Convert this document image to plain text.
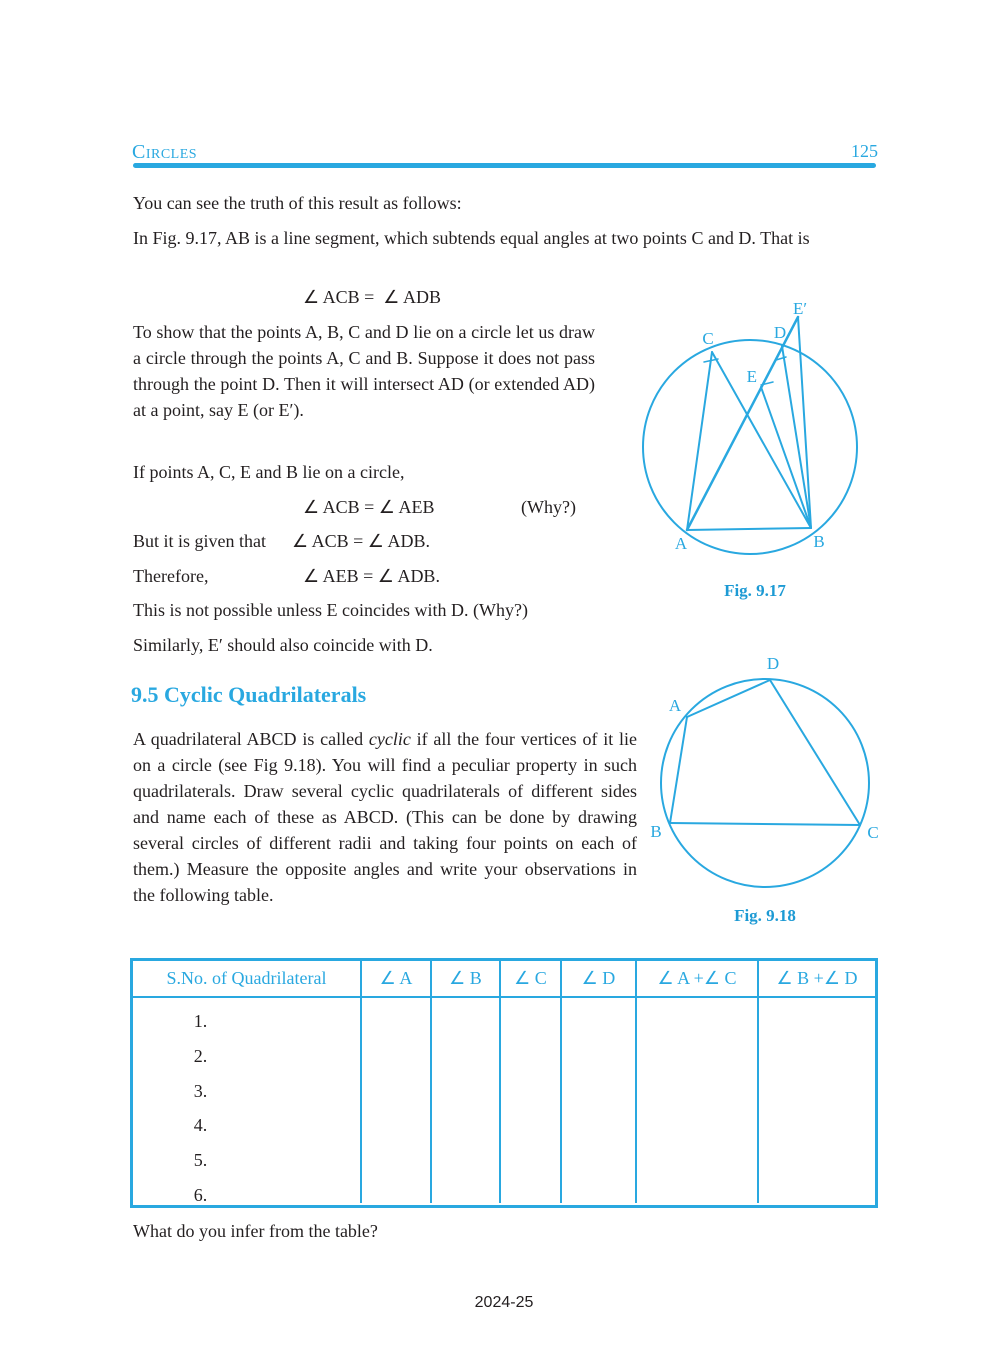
Circles	125
You can see the truth of this result as follows:
In Fig. 9.17, AB is a line segment, which subtends equal angles at two points C and D. That is
∠ ACB =  ∠ ADB
To show that the points A, B, C and D lie on a circle let us draw a circle through the points A, C and B. Suppose it does not pass through the point D. Then it will intersect AD (or extended AD) at a point, say E (or E′).
If points A, C, E and B lie on a circle,
∠ ACB = ∠ AEB	(Why?)
But it is given that ∠ ACB = ∠ ADB.
Therefore,	∠ AEB = ∠ ADB.
This is not possible unless E coincides with D. (Why?)
Similarly, E′ should also coincide with D.
A	B
C	D
E
E′
Fig. 9.17
9.5 Cyclic Quadrilaterals
A quadrilateral ABCD is called cyclic if all the four vertices of it lie on a circle (see Fig 9.18). You will find a peculiar property in such quadrilaterals. Draw several cyclic quadrilaterals of different sides and name each of these as ABCD. (This can be done by drawing several circles of different radii and taking four points on each of them.) Measure the opposite angles and write your observations in the following table.
D
A
B	C
Fig. 9.18
S.No. of Quadrilateral	∠ A	∠ B	∠ C	∠ D	∠ A +∠ C	∠ B +∠ D
1.
2.
3.
4.
5.
6.
What do you infer from the table?
2024-25
